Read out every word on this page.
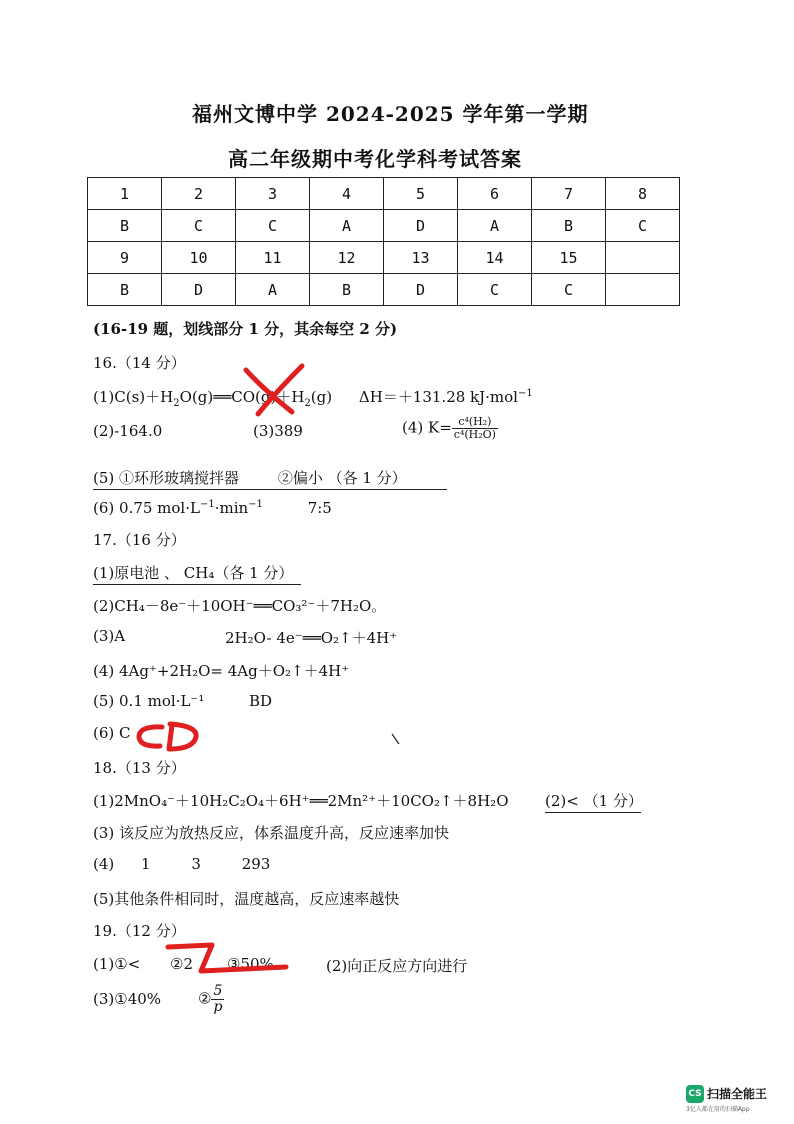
福州文博中学 2024-2025 学年第一学期
高二年级期中考化学科考试答案
1	2	3	4	5	6	7	8
B	C	C	A	D	A	B	C
9	10	11	12	13	14	15	
B	D	A	B	D	C	C	
(16-19 题，划线部分 1 分，其余每空 2 分)
16.（14 分）
$(1)C(s)+H_2O(g)══CO(g)+H_2(g)$ ΔH＝＋131.28 kJ·mol$^{-1}$
(2)-164.0	(3)389	(4) $K= \frac{\text{c⁴(H₂)}}{\text{c⁴(H₂O)}}$
(5) ①环形玻璃搅拌器	②偏小 （各 1 分）
(6) 0.75 $mol\cdot L^{-1}\cdot\min^{-1}$	7:5
17.（16 分）
(1)原电池 、 CH₄（各 1 分）
(2)CH₄－8e⁻＋10OH⁻══CO₃²⁻＋7H₂O。
(3)A	2H₂O- 4e⁻══O₂↑＋4H⁺
(4) 4Ag⁺+2H₂O= 4Ag＋O₂↑＋4H⁺
(5) 0.1 mol·L⁻¹	BD
(6) C
18.（13 分）
(1)2MnO₄⁻＋10H₂C₂O₄＋6H⁺══2Mn²⁺＋10CO₂↑＋8H₂O (2)< （1 分）
(3) 该反应为放热反应，体系温度升高，反应速率加快
(4) 1	3	293
(5)其他条件相同时，温度越高，反应速率越快
19.（12 分）
(1)①< ②2 ③50%	(2)向正反应方向进行
(3)①40% ② $\frac{5}{p}$
CS 扫描全能王
3亿人都在用的扫描App
